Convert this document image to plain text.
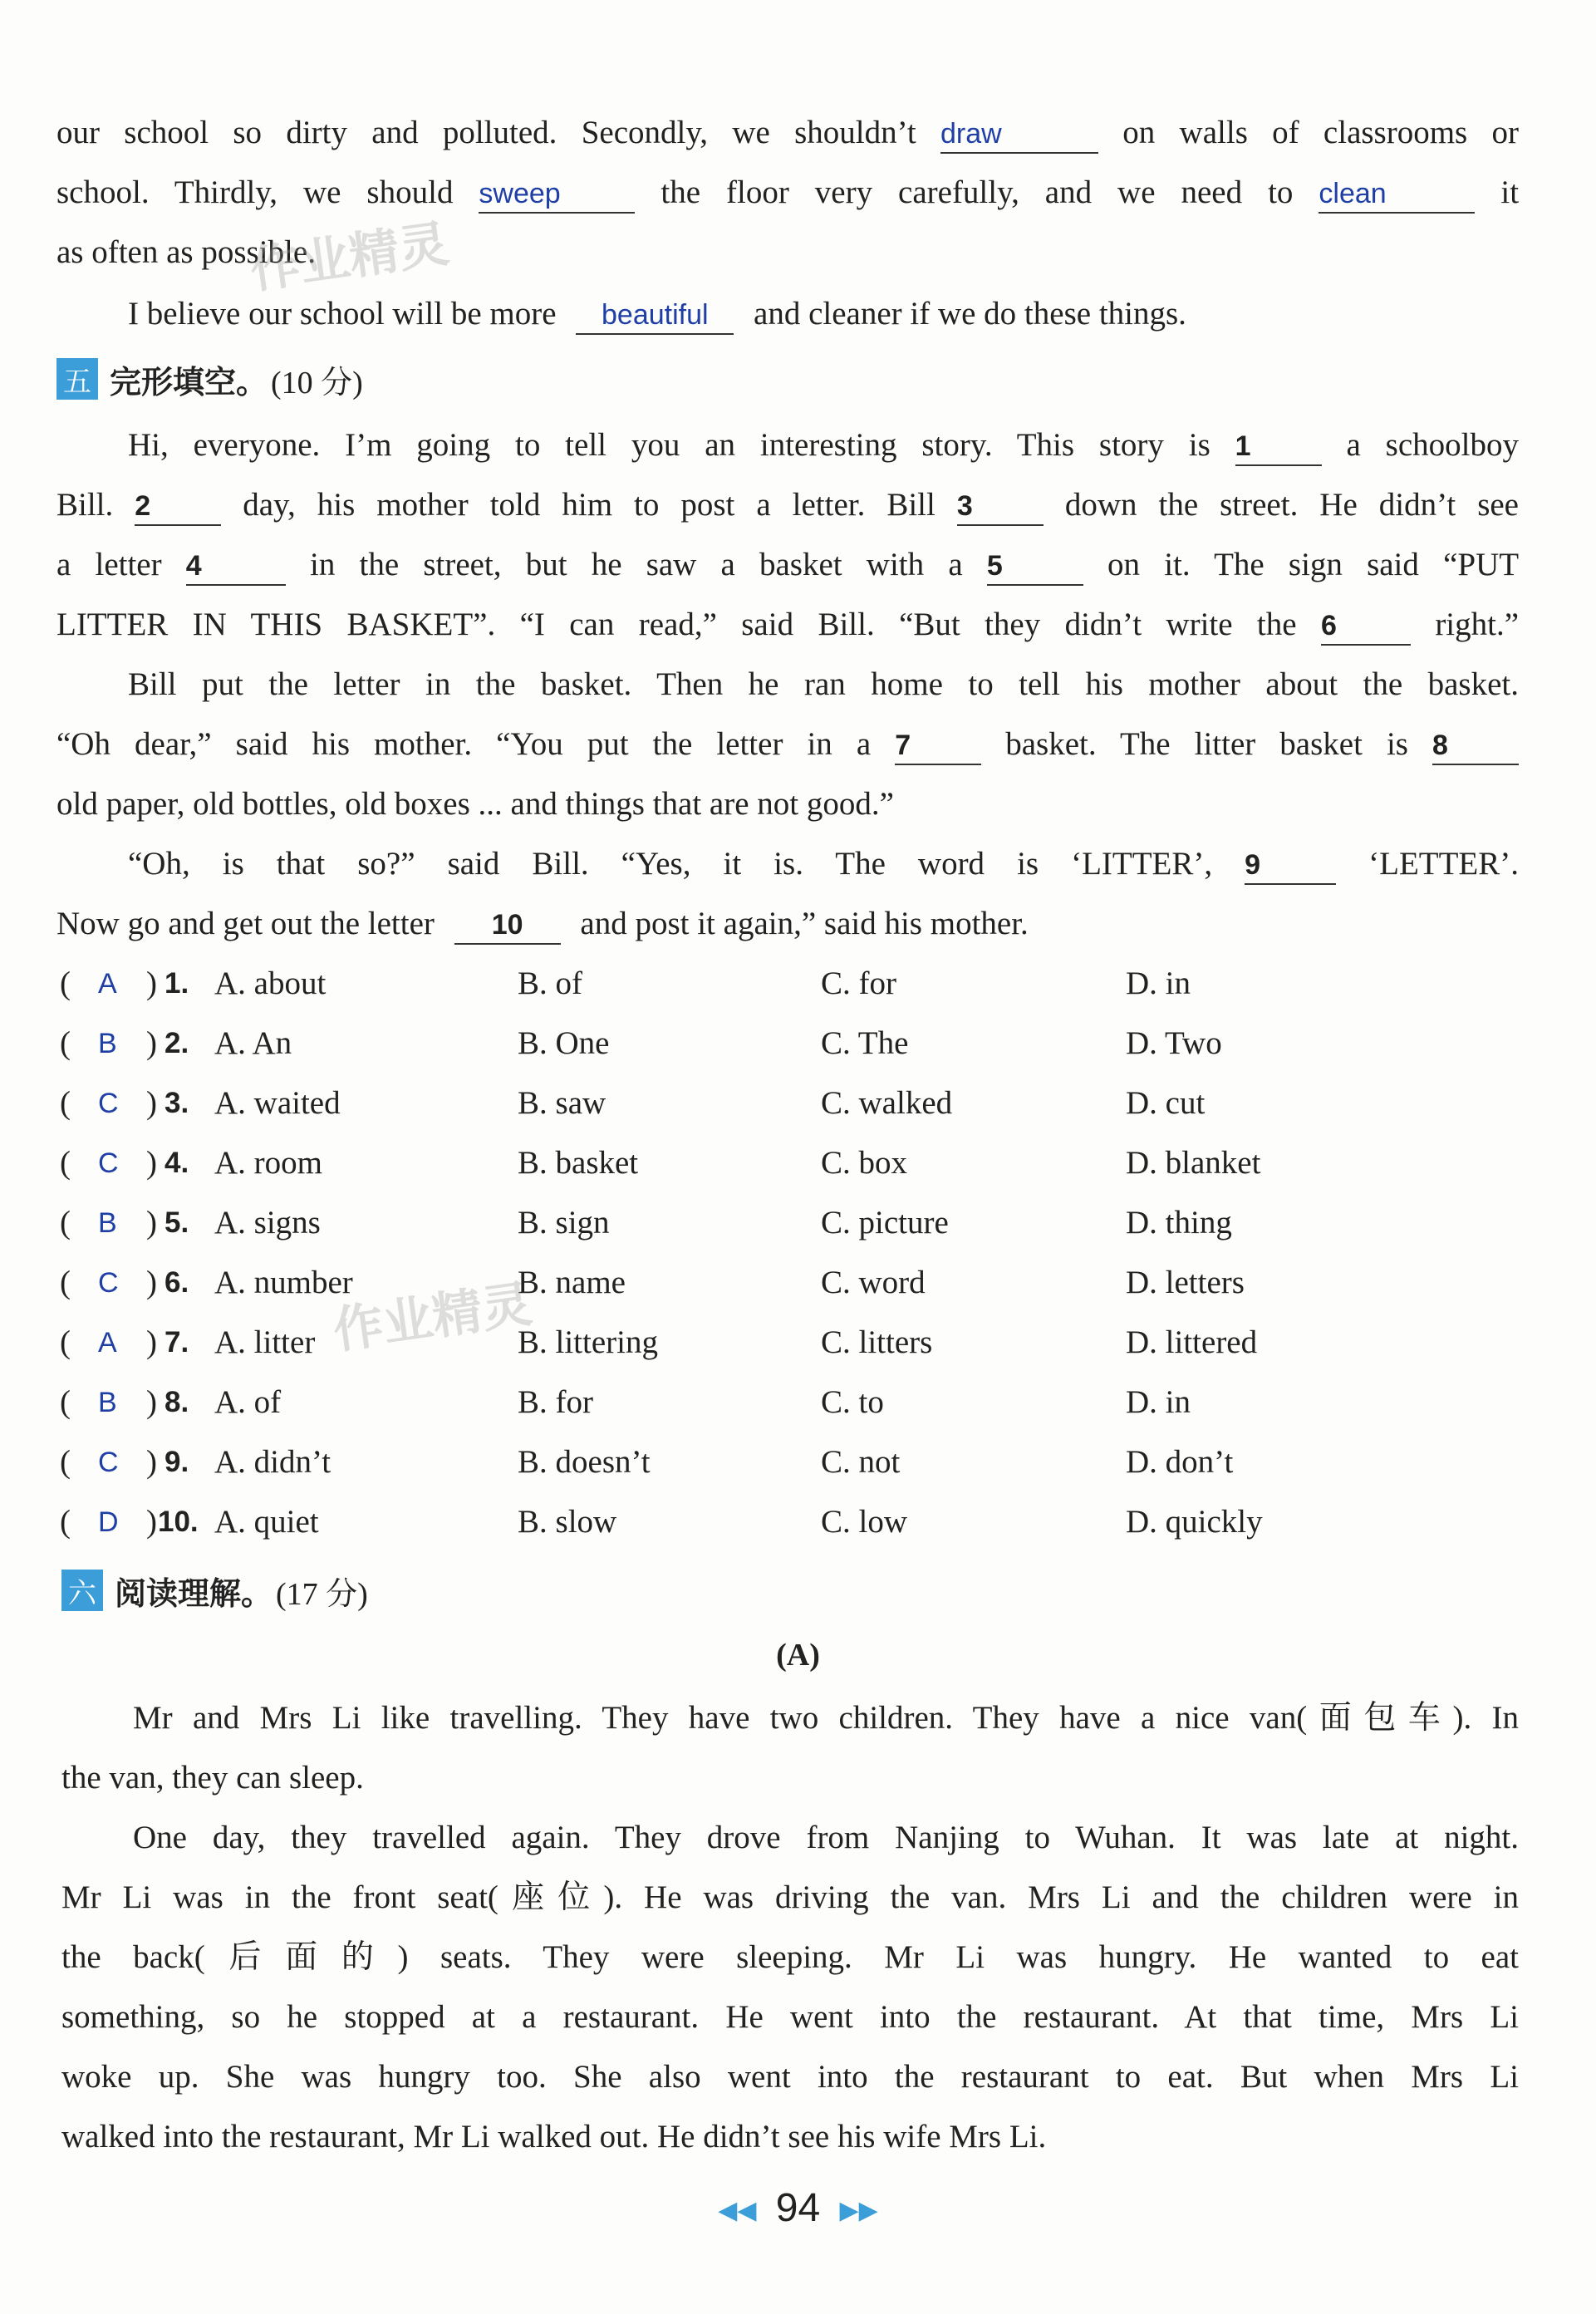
our school so dirty and polluted. Secondly, we shouldn’t draw	on walls of classrooms or
school. Thirdly, we should sweep	the floor very carefully, and we need to clean	it
as often as possible.
I believe our school will be more beautiful and cleaner if we do these things.
五 完形填空。 (10 分)
Hi, everyone. I’m going to tell you an interesting story. This story is 1	a schoolboy
Bill. 2	day, his mother told him to post a letter. Bill 3	down the street. He didn’t see
a letter 4	in the street, but he saw a basket with a 5	on it. The sign said “PUT
LITTER IN THIS BASKET”. “I can read,” said Bill. “But they didn’t write the 6	right.”
Bill put the letter in the basket. Then he ran home to tell his mother about the basket.
“Oh dear,” said his mother. “You put the letter in a 7	basket. The litter basket is 8
old paper, old bottles, old boxes ... and things that are not good.”
“Oh, is that so?” said Bill. “Yes, it is. The word is ‘LITTER’, 9	‘LETTER’.
Now go and get out the letter 10 and post it again,” said his mother.
( A ) 1. A. about	B. of	C. for	D. in
( B ) 2. A. An	B. One	C. The	D. Two
( C ) 3. A. waited	B. saw	C. walked	D. cut
( C ) 4. A. room	B. basket	C. box	D. blanket
( B ) 5. A. signs	B. sign	C. picture	D. thing
( C ) 6. A. number	B. name	C. word	D. letters
( A ) 7. A. litter	B. littering	C. litters	D. littered
( B ) 8. A. of	B. for	C. to	D. in
( C ) 9. A. didn’t	B. doesn’t	C. not	D. don’t
( D ) 10. A. quiet	B. slow	C. low	D. quickly
六 阅读理解。 (17 分)
(A)
Mr and Mrs Li like travelling. They have two children. They have a nice van(面包车). In
the van, they can sleep.
One day, they travelled again. They drove from Nanjing to Wuhan. It was late at night.
Mr Li was in the front seat(座位). He was driving the van. Mrs Li and the children were in
the back(后面的) seats. They were sleeping. Mr Li was hungry. He wanted to eat
something, so he stopped at a restaurant. He went into the restaurant. At that time, Mrs Li
woke up. She was hungry too. She also went into the restaurant to eat. But when Mrs Li
walked into the restaurant, Mr Li walked out. He didn’t see his wife Mrs Li.
◀◀ 94 ▶▶
作业精灵
作业精灵
